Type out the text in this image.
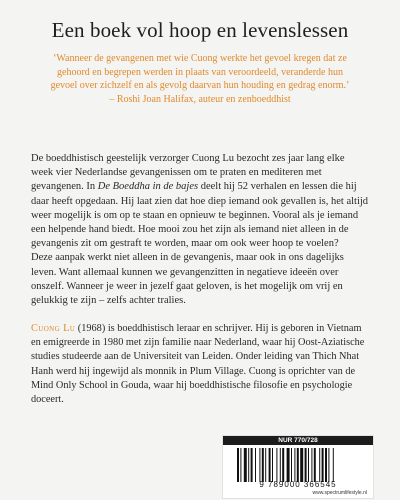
Een boek vol hoop en levenslessen
‘Wanneer de gevangenen met wie Cuong werkte het gevoel kregen dat ze gehoord en begrepen werden in plaats van veroordeeld, veranderde hun gevoel over zichzelf en als gevolg daarvan hun houding en gedrag enorm.’
– Roshi Joan Halifax, auteur en zenboeddhist

De boeddhistisch geestelijk verzorger Cuong Lu bezocht zes jaar lang elke week vier Nederlandse gevangenissen om te praten en mediteren met gevangenen. In De Boeddha in de bajes deelt hij 52 verhalen en lessen die hij daar heeft opgedaan. Hij laat zien dat hoe diep iemand ook gevallen is, het altijd weer mogelijk is om op te staan en opnieuw te beginnen. Vooral als je iemand een helpende hand biedt. Hoe mooi zou het zijn als iemand niet alleen in de gevangenis zit om gestraft te worden, maar om ook weer hoop te voelen?

Deze aanpak werkt niet alleen in de gevangenis, maar ook in ons dagelijks leven. Want allemaal kunnen we gevangenzitten in negatieve ideeën over onszelf. Wanneer je weer in jezelf gaat geloven, is het mogelijk om vrij en gelukkig te zijn – zelfs achter tralies.

Cuong Lu (1968) is boeddhistisch leraar en schrijver. Hij is geboren in Vietnam en emigreerde in 1980 met zijn familie naar Nederland, waar hij Oost-Aziatische studies studeerde aan de Universiteit van Leiden. Onder leiding van Thich Nhat Hanh werd hij ingewijd als monnik in Plum Village. Cuong is oprichter van de Mind Only School in Gouda, waar hij boeddhistische filosofie en psychologie doceert.
NUR 770/728
9 789000 366545
www.spectrumlifestyle.nl
